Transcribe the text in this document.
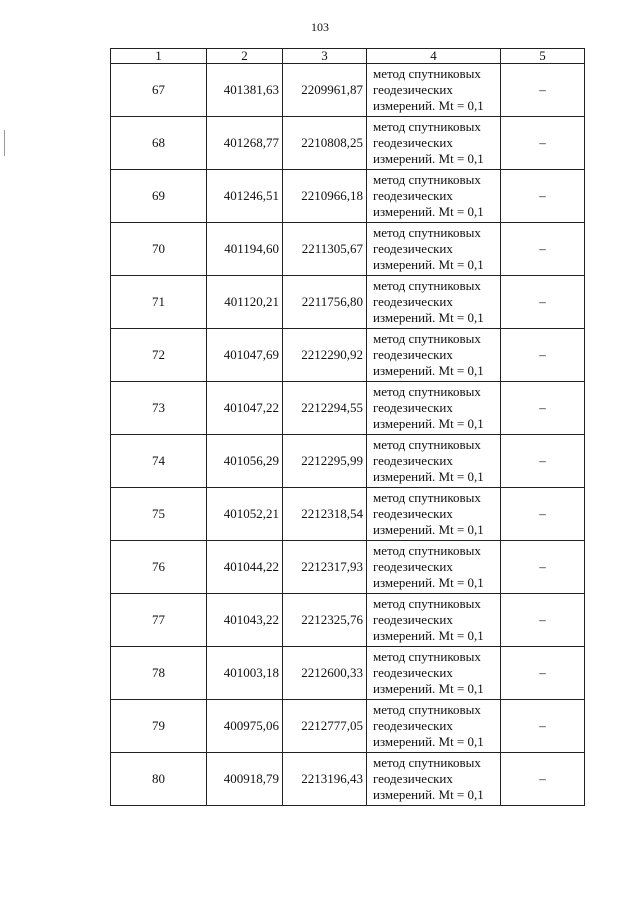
103
1	2	3	4	5
67	401381,63	2209961,87	метод спутниковых
геодезических
измерений. Mt = 0,1	–
68	401268,77	2210808,25	метод спутниковых
геодезических
измерений. Mt = 0,1	–
69	401246,51	2210966,18	метод спутниковых
геодезических
измерений. Mt = 0,1	–
70	401194,60	2211305,67	метод спутниковых
геодезических
измерений. Mt = 0,1	–
71	401120,21	2211756,80	метод спутниковых
геодезических
измерений. Mt = 0,1	–
72	401047,69	2212290,92	метод спутниковых
геодезических
измерений. Mt = 0,1	–
73	401047,22	2212294,55	метод спутниковых
геодезических
измерений. Mt = 0,1	–
74	401056,29	2212295,99	метод спутниковых
геодезических
измерений. Mt = 0,1	–
75	401052,21	2212318,54	метод спутниковых
геодезических
измерений. Mt = 0,1	–
76	401044,22	2212317,93	метод спутниковых
геодезических
измерений. Mt = 0,1	–
77	401043,22	2212325,76	метод спутниковых
геодезических
измерений. Mt = 0,1	–
78	401003,18	2212600,33	метод спутниковых
геодезических
измерений. Mt = 0,1	–
79	400975,06	2212777,05	метод спутниковых
геодезических
измерений. Mt = 0,1	–
80	400918,79	2213196,43	метод спутниковых
геодезических
измерений. Mt = 0,1	–
